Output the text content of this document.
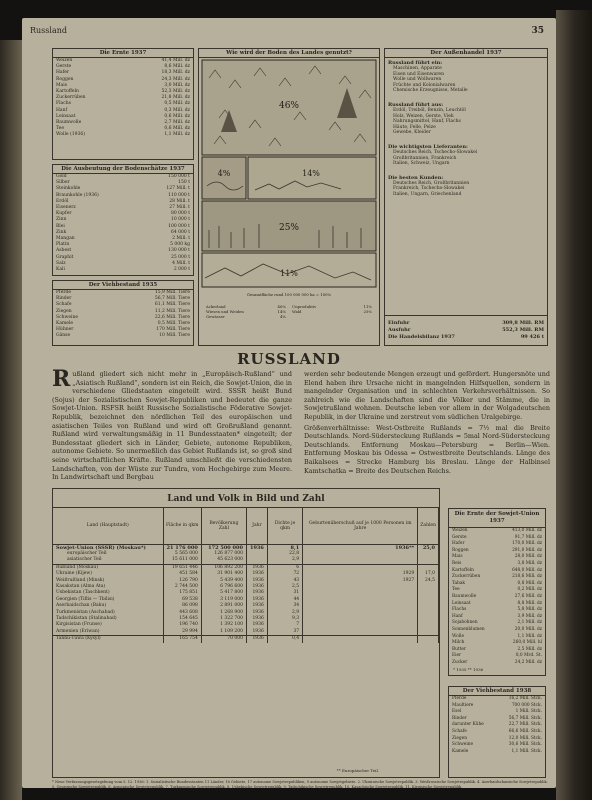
Russland	35
Die Ernte 1937
Weizen	41,4 Mill. dz
Gerste	8,6 Mill. dz
Hafer	18,3 Mill. dz
Roggen	24,3 Mill. dz
Mais	3,0 Mill. dz
Kartoffeln	52,3 Mill. dz
Zuckerrüben	21,8 Mill. dz
Flachs	0,5 Mill. dz
Hanf	0,3 Mill. dz
Leinsaat	0,6 Mill. dz
Baumwolle	2,7 Mill. dz
Tee	0,6 Mill. dz
Wolle (1936)	1,1 Mill. dz
Die Ausbeutung der Bodenschätze 1937
Gold	150 000 t
Silber	150 t
Steinkohle	127 Mill. t
Braunkohle (1936)	110 000 t
Erdöl	28 Mill. t
Eisenerz	27 Mill. t
Kupfer	80 000 t
Zinn	10 000 t
Blei	100 000 t
Zink	64 000 t
Mangan	2 Mill. t
Platin	5 000 kg
Asbest	130 000 t
Graphit	25 000 t
Salz	4 Mill. t
Kali	2 000 t
Der Viehbestand 1935
Pferde	15,9 Mill. Tiere
Rinder	56,7 Mill. Tiere
Schafe	61,1 Mill. Tiere
Ziegen	11,2 Mill. Tiere
Schweine	22,6 Mill. Tiere
Kamele	0,5 Mill. Tiere
Hühner	170 Mill. Tiere
Gänse	10 Mill. Tiere
Wie wird der Boden des Landes genutzt?
46%
4%	14%
25%
11%
Gesamtfläche rund 100 000 000 ha = 100%
Ackerland	46% Unproduktiv	11%
Wiesen und Weiden	14% Wald	25%
Gewässer	4%
Der Außenhandel 1937
Russland führt ein:
Maschinen, Apparate
Eisen und Eisenwaren
Wolle und Wollwaren
Früchte und Kolonialwaren
Chemische Erzeugnisse, Metalle
Russland führt aus:
Erdöl, Treiböl, Benzin, Leuchtöl
Holz, Weizen, Gerste, Vieh
Nahrungsmittel, Hanf, Flachs
Häute, Felle, Pelze
Gewebe, Kleider
Die wichtigsten Lieferanten:
Deutsches Reich, Tschecho-Slowakei
Großbritannien, Frankreich
Italien, Schweiz, Ungarn
Die besten Kunden:
Deutsches Reich, Großbritannien
Frankreich, Tschecho-Slowakei
Italien, Ungarn, Griechenland
Einfuhr	309,8 Mill. RM
Ausfuhr	552,3 Mill. RM
Die Handelsbilanz 1937	99 426 t
RUSSLAND

Rußland gliedert sich nicht mehr in „Europäisch-Rußland“ und „Asiatisch Rußland“, sondern ist ein Reich, die Sowjet-Union, die in verschiedene Gliedstaaten eingeteilt wird. SSSR heißt Bund (Sojus) der Sozialistischen Sowjet-Republiken und bedeutet die ganze Sowjet-Union. RSFSR heißt Russische Sozialistische Föderative Sowjet-Republik, bezeichnet den nördlichen Teil des europäischen und asiatischen Teiles von Rußland und wird oft Großrußland genannt. Rußland wird verwaltungsmäßig in 11 Bundesstaaten* eingeteilt; der Bundesstaat gliedert sich in Länder, Gebiete, autonome Republiken, autonome Gebiete. So unermeßlich das Gebiet Rußlands ist, so groß sind seine wirtschaftlichen Kräfte. Rußland umschließt die verschiedensten Landschaften, von der Wüste zur Tundra, vom Hochgebirge zum Meere. In Landwirtschaft und Bergbau

werden sehr bedeutende Mengen erzeugt und gefördert. Hungersnöte und Elend haben ihre Ursache nicht in mangelnden Hilfsquellen, sondern in mangelnder Organisation und in schlechten Verkehrsverhältnissen. So zahlreich wie die Landschaften sind die Völker und Stämme, die in Sowjetrußland wohnen. Deutsche leben vor allem in der Wolgadeutschen Republik, in der Ukraine und zerstreut vom südlichen Uralgebirge.

Größenverhältnisse: West-Ostbreite Rußlands = 7½ mal die Breite Deutschlands. Nord-Südersteckung Rußlands = 5mal Nord-Südersteckung Deutschlands. Entfernung Moskau—Petersburg = Berlin—Wien. Entfernung Moskau bis Odessa = Ostwestbreite Deutschlands. Länge des Baikalsees = Strecke Hamburg bis Breslau. Länge der Halbinsel Kamtschatka = Breite des Deutschen Reichs.

Land und Volk in Bild und Zahl
Land (Hauptstadt)	Fläche in qkm	Bevölkerung Zahl	Jahr	Dichte je qkm	Geburtenüberschuß auf je 1000 Personen im Jahre	Zahlen
Sowjet-Union (SSSR) (Moskau*)	21 176 000	172 500 000	1936	8,1	1936**	25,0
europäischer Teil	5 565 000	126 877 000		22,8		
asiatischer Teil	15 611 000	45 623 000		2,9		
Rußland (Moskau)	19 651 446	106 892 200	1936	6		
Ukraine (Kijew)	451 584	31 901 400	1936	72	1929	17,0
Weißrußland (Minsk)	126 790	5 439 400	1936	43	1927	24,5
Kasakstan (Alma Ata)	2 744 500	6 796 600	1936	2,5		
Usbekistan (Taschkent)	175 851	5 417 800	1936	31		
Georgien (Tiflis — Tbilisi)	69 538	3 119 000	1936	44		
Aserbaidschan (Baku)	86 098	2 891 000	1936	34		
Turkmenistan (Aschabad)	443 608	1 268 900	1936	2,9		
Tadschikistan (Stalinabad)	154 645	1 322 700	1936	9,3		
Kirgisistan (Frunse)	196 740	1 392 100	1936	7		
Armenien (Eriwan)	29 994	1 109 200	1936	37		
Tannu-Tuwa (Kysyl)	165 754	70 000	1936	0,4		
** Europäischer Teil.
Die Ernte der Sowjet-Union 1937
Weizen	413,0 Mill. dz
Gerste	91,7 Mill. dz
Hafer	170,0 Mill. dz
Roggen	291,0 Mill. dz
Mais	28,0 Mill. dz
Reis	3,8 Mill. dz
Kartoffeln	648,0 Mill. dz
Zuckerrüben	218,6 Mill. dz
Tabak	0,8 Mill. dz
Tee	0,2 Mill. dz
Baumwolle	27,6 Mill. dz
Leinsaat	8,8 Mill. dz
Flachs	5,8 Mill. dz
Hanf	3,9 Mill. dz
Sojabohnen	2,1 Mill. dz
Sonnenblumen	20,0 Mill. dz
Wolle	1,1 Mill. dz
Milch	260,0 Mill. hl
Butter	2,5 Mill. dz
Eier	8,0 Mrd. St.
Zucker	24,2 Mill. dz
* 1935 ** 1936
Der Viehbestand 1938
Pferde	16,2 Mill. Stck.
Maultiere	700 000 Stck.
Esel	1 Mill. Stck.
Rinder	56,7 Mill. Stck.
darunter Kühe	22,7 Mill. Stck.
Schafe	66,6 Mill. Stck.
Ziegen	12,0 Mill. Stck.
Schweine	30,6 Mill. Stck.
Kamele	1,1 Mill. Stck.
* Neue Verfassungsgesetzgebung vom 5. 12. 1936: 1. Sozialistische Bundesstaaten 11 Länder, 16 Gebiete, 17 autonome Sowjetrepubliken, 9 autonome Sowjetgebiete. 2. Ukrainische Sowjetrepublik. 3. Weißrussische Sowjetrepublik. 4. Aserbaidschanische Sowjetrepublik. 5. Georgische Sowjetrepublik. 6. Armenische Sowjetrepublik. 7. Turkmenische Sowjetrepublik. 8. Usbekische Sowjetrepublik. 9. Tadschikische Sowjetrepublik. 10. Kasachische Sowjetrepublik. 11. Kirgisische Sowjetrepublik.
